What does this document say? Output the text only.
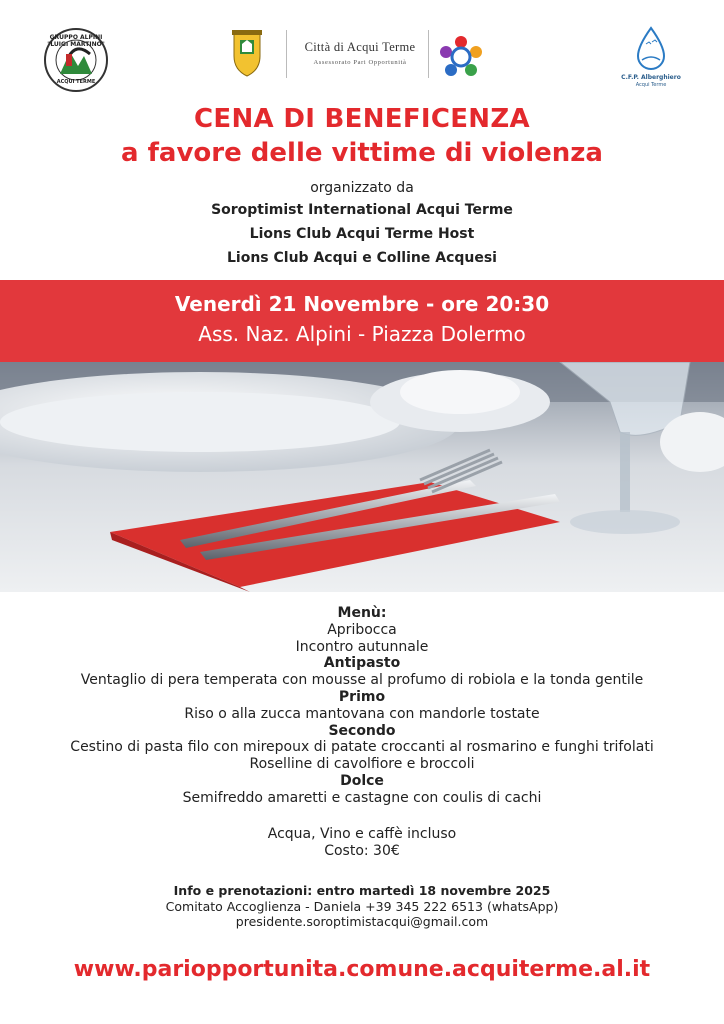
GRUPPO ALPINI "LUIGI MARTINO"
ACQUI TERME
Città di Acqui Terme
Assessorato Pari Opportunità
C.F.P. Alberghiero
Acqui Terme
CENA DI BENEFICENZA
a favore delle vittime di violenza
organizzato da
Soroptimist International Acqui Terme
Lions Club Acqui Terme Host
Lions Club Acqui e Colline Acquesi
Venerdì 21 Novembre - ore 20:30
Ass. Naz. Alpini - Piazza Dolermo
Menù:
Apribocca
Incontro autunnale
Antipasto
Ventaglio di pera temperata con mousse al profumo di robiola e la tonda gentile
Primo
Riso o alla zucca mantovana con mandorle tostate
Secondo
Cestino di pasta filo con mirepoux di patate croccanti al rosmarino e funghi trifolati
Roselline di cavolfiore e broccoli
Dolce
Semifreddo amaretti e castagne con coulis di cachi
Acqua, Vino e caffè incluso
Costo: 30€
Info e prenotazioni: entro martedì 18 novembre 2025
Comitato Accoglienza - Daniela +39 345 222 6513 (whatsApp)
presidente.soroptimistacqui@gmail.com
www.pariopportunita.comune.acquiterme.al.it
